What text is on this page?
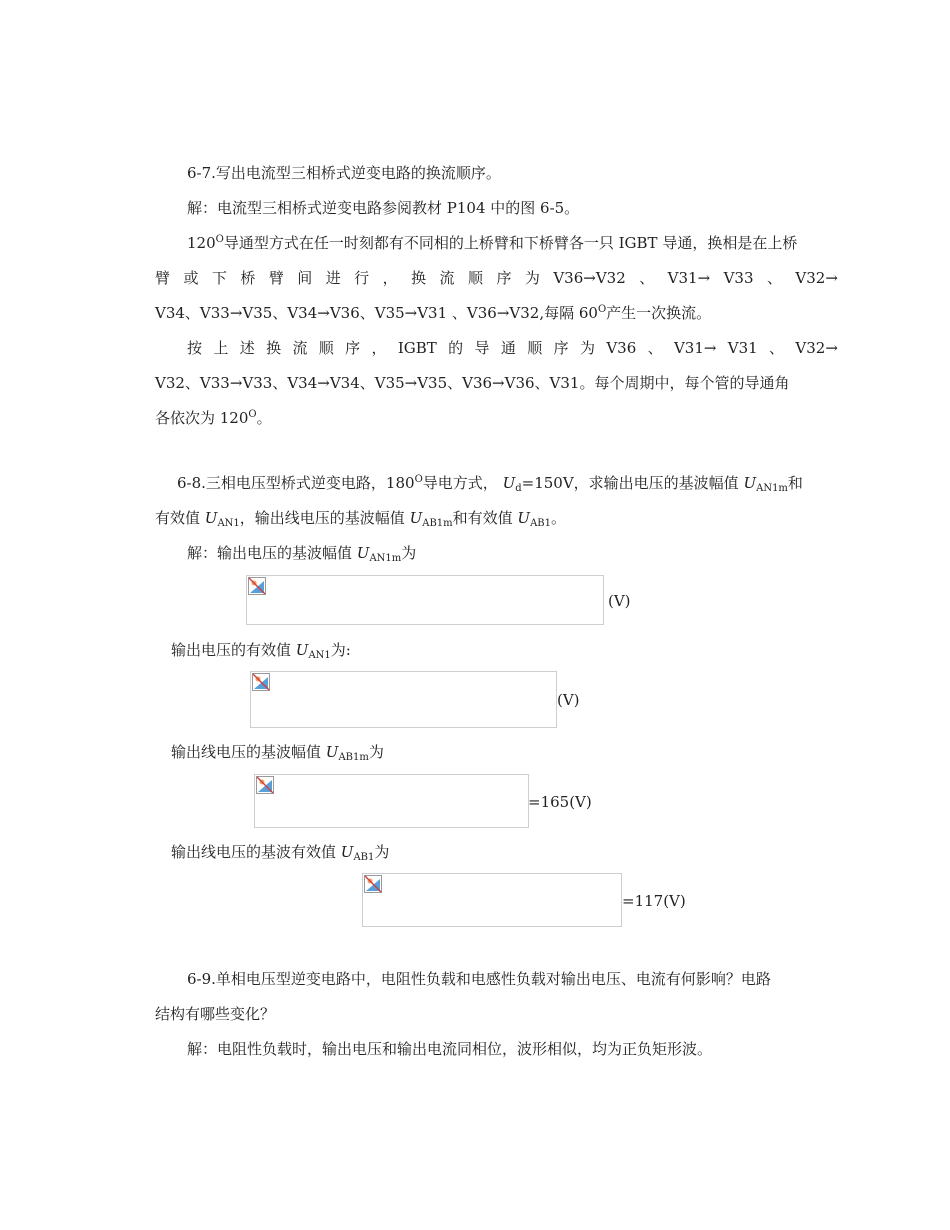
6-7.写出电流型三相桥式逆变电路的换流顺序。
解：电流型三相桥式逆变电路参阅教材 P104 中的图 6-5。
$120^O$导通型方式在任一时刻都有不同相的上桥臂和下桥臂各一只 IGBT 导通，换相是在上桥
臂 或 下 桥 臂 间 进 行 ， 换 流 顺 序 为 V36→V32 、 V31→ V33 、 V32→
V34、V33→V35、V34→V36、V35→V31 、V36→V32,每隔 $60^O$产生一次换流。
按 上 述 换 流 顺 序 ， IGBT 的 导 通 顺 序 为 V36 、 V31→ V31 、 V32→
V32、V33→V33、V34→V34、V35→V35、V36→V36、V31。每个周期中，每个管的导通角
各依次为 $120^O$。
6-8.三相电压型桥式逆变电路，$180^O$导电方式， $U_d=150V$，求输出电压的基波幅值 $U_{AN1m}$和
有效值 $U_{AN1}$，输出线电压的基波幅值 $U_{AB1m}$和有效值 $U_{AB1}$。
解：输出电压的基波幅值 $U_{AN1m}$为
(V)
输出电压的有效值 $U_{AN1}$为:
(V)
输出线电压的基波幅值 $U_{AB1m}$为
=165(V)
输出线电压的基波有效值 $U_{AB1}$为
=117(V)
6-9.单相电压型逆变电路中，电阻性负载和电感性负载对输出电压、电流有何影响？电路
结构有哪些变化？
解：电阻性负载时，输出电压和输出电流同相位，波形相似，均为正负矩形波。
